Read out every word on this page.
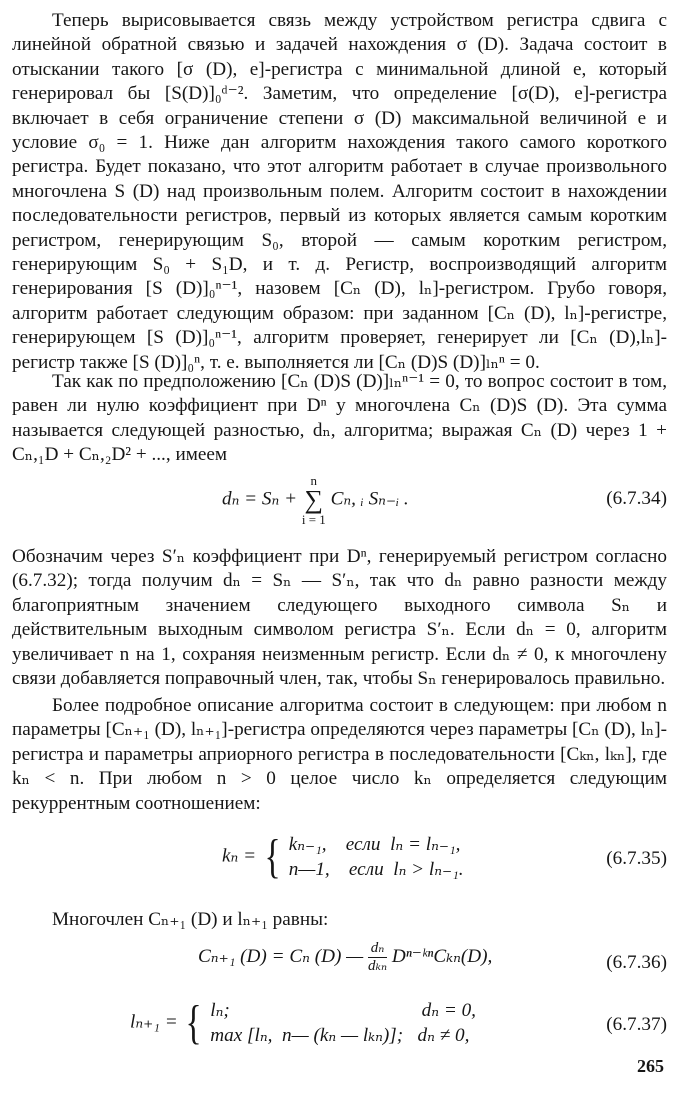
Теперь вырисовывается связь между устройством регистра сдвига с линейной обратной связью и задачей нахождения σ (D). Задача состоит в отыскании такого [σ (D), e]-регистра с минимальной длиной e, который генерировал бы [S(D)]₀ᵈ⁻². Заметим, что определение [σ(D), e]-регистра включает в себя ограничение степени σ (D) максимальной величиной e и условие σ₀ = 1. Ниже дан алгоритм нахождения такого самого короткого регистра. Будет показано, что этот алгоритм работает в случае произвольного многочлена S (D) над произвольным полем. Алгоритм состоит в нахождении последовательности регистров, первый из которых является самым коротким регистром, генерирующим S₀, второй — самым коротким регистром, генерирующим S₀ + S₁D, и т. д. Регистр, воспроизводящий алгоритм генерирования [S (D)]₀ⁿ⁻¹, назовем [Cₙ (D), lₙ]-регистром. Грубо говоря, алгоритм работает следующим образом: при заданном [Cₙ (D), lₙ]-регистре, генерирующем [S (D)]₀ⁿ⁻¹, алгоритм проверяет, генерирует ли [Cₙ (D),lₙ]-регистр также [S (D)]₀ⁿ, т. е. выполняется ли [Cₙ (D)S (D)]ₗₙⁿ = 0.
Так как по предположению [Cₙ (D)S (D)]ₗₙⁿ⁻¹ = 0, то вопрос состоит в том, равен ли нулю коэффициент при Dⁿ у многочлена Cₙ (D)S (D). Эта сумма называется следующей разностью, dₙ, алгоритма; выражая Cₙ (D) через 1 + Cₙ,₁D + Cₙ,₂D² + ..., имеем
dₙ = Sₙ +
n
∑
i = 1
Cₙ, ᵢ Sₙ₋ᵢ .	(6.7.34)
Обозначим через S′ₙ коэффициент при Dⁿ, генерируемый регистром согласно (6.7.32); тогда получим dₙ = Sₙ — S′ₙ, так что dₙ равно разности между благоприятным значением следующего выходного символа Sₙ и действительным выходным символом регистра S′ₙ. Если dₙ = 0, алгоритм увеличивает n на 1, сохраняя неизменным регистр. Если dₙ ≠ 0, к многочлену связи добавляется поправочный член, так, чтобы Sₙ генерировалось правильно.
Более подробное описание алгоритма состоит в следующем: при любом n параметры [Cₙ₊₁ (D), lₙ₊₁]-регистра определяются через параметры [Cₙ (D), lₙ]-регистра и параметры априорного регистра в последовательности [Cₖₙ, lₖₙ], где kₙ < n. При любом n > 0 целое число kₙ определяется следующим рекуррентным соотношением:
kₙ = { kₙ₋₁,    если  lₙ = lₙ₋₁,
n—1,    если  lₙ > lₙ₋₁.
(6.7.35)
Многочлен Cₙ₊₁ (D) и lₙ₊₁ равны:
Cₙ₊₁ (D) = Cₙ (D) — $\frac{\text{dₙ}}{\text{dₖₙ}}$ Dⁿ⁻ᵏⁿCₖₙ(D),	(6.7.36)
lₙ₊₁ = { lₙ;                                        dₙ = 0,
max [lₙ,  n— (kₙ — lₖₙ)];   dₙ ≠ 0,
(6.7.37)
265
